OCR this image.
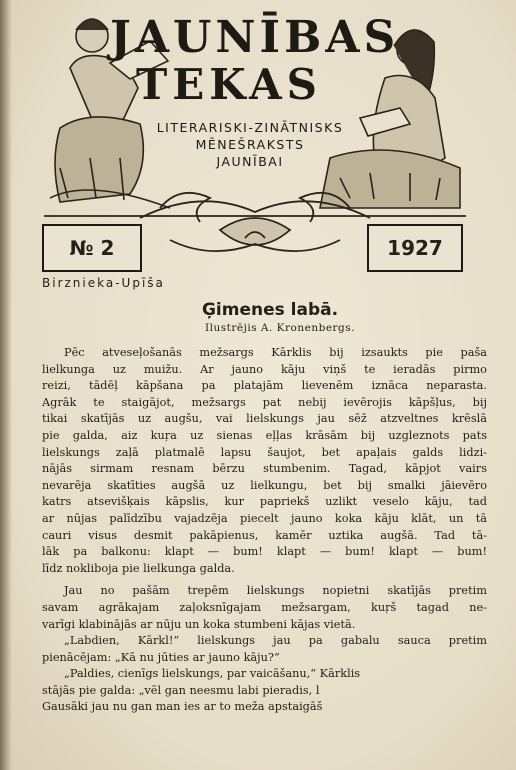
JAUNĪBAS
TEKAS
LITERARISKI-ZINĀTNISKS
MĒNEŠRAKSTS
JAUNĪBAI
№ 2	1927
Birznieka-Upīša
Ģimenes labā.
Ilustrējis A. Kronenbergs.
Pēc atveseļošanās mežsargs Kārklis bij izsaukts pie paša
lielkunga uz muižu. Ar jauno kāju viņš te ieradās pirmo
reizi, tādēļ kāpšana pa platajām lievenēm iznāca neparasta.
Agrāk te staigājot, mežsargs pat nebij ievērojis kāpšļus, bij
tikai skatījās uz augšu, vai lielskungs jau sēž atzveltnes krēslā
pie galda, aiz kuŗa uz sienas eļļas krāsām bij uzgleznots pats
lielskungs zaļā platmalē lapsu šaujot, bet apaļais galds lidzi-
nājās sirmam resnam bērzu stumbenim. Tagad, kāpjot vairs
nevarēja skatīties augšā uz lielkungu, bet bij smalki jāievēro
katrs atsevišķais kāpslis, kur papriekš uzlikt veselo kāju, tad
ar nūjas palīdzību vajadzēja piecelt jauno koka kāju klāt, un tā
cauri visus desmit pakāpienus, kamēr uztika augšā. Tad tā-
lāk pa balkonu: klapt — bum! klapt — bum! klapt — bum!
līdz nokliboja pie lielkunga galda.
Jau no pašām trepēm lielskungs nopietni skatījās pretim
savam agrākajam zaļoksnīgajam mežsargam, kuŗš tagad ne-
varīgi klabinājās ar nūju un koka stumbeni kājas vietā.
„Labdien, Kārkl!“ lielskungs jau pa gabalu sauca pretim
pienācējam: „Kā nu jūties ar jauno kāju?“
„Paldies, cienīgs lielskungs, par vaicāšanu,“ Kārklis
stājās pie galda: „vēl gan neesmu labi pieradis, l
Gausāki jau nu gan man ies ar to meža apstaigāš
